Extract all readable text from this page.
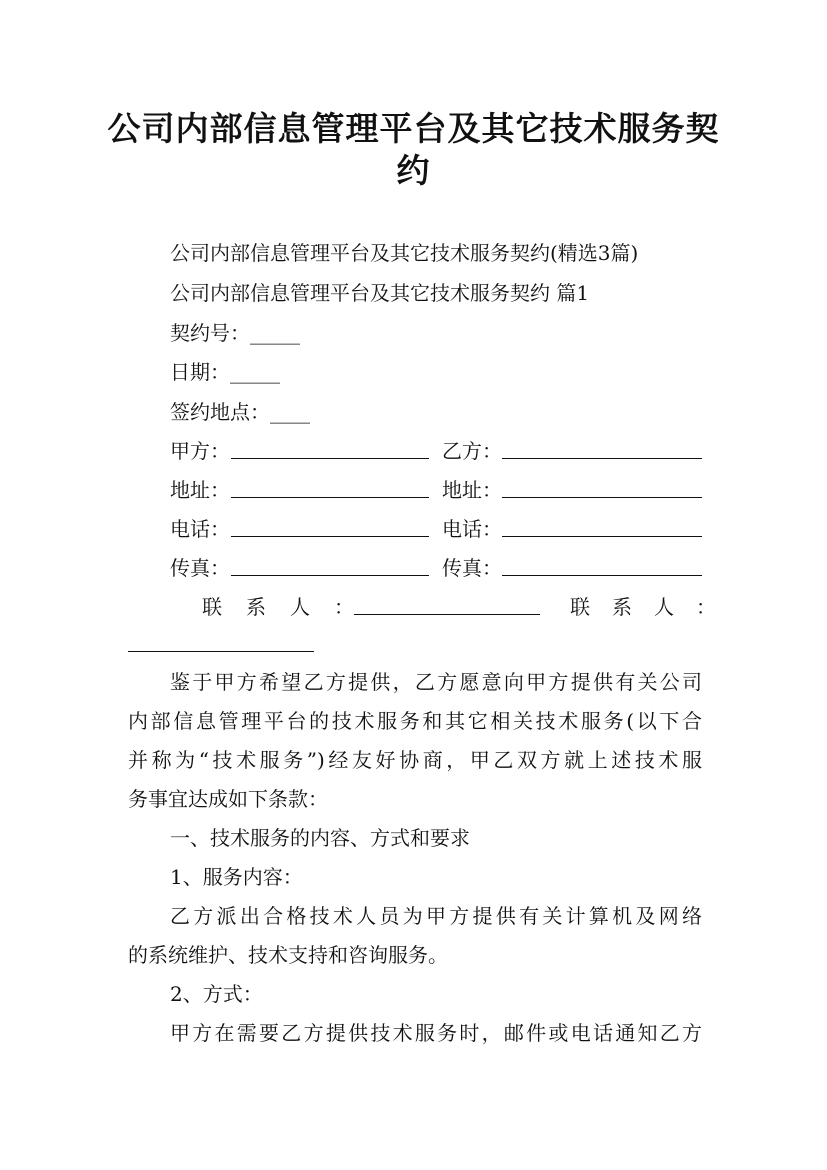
公司内部信息管理平台及其它技术服务契
约
公司内部信息管理平台及其它技术服务契约(精选3篇)
公司内部信息管理平台及其它技术服务契约 篇1
契约号：_____
日期：_____
签约地点：____
甲方：	乙方：
地址：	地址：
电话：	电话：
传真：	传真：
联系人：	联系人：
鉴于甲方希望乙方提供，乙方愿意向甲方提供有关公司
内部信息管理平台的技术服务和其它相关技术服务(以下合
并称为“技术服务”)经友好协商，甲乙双方就上述技术服
务事宜达成如下条款：
一、技术服务的内容、方式和要求
1、服务内容：
乙方派出合格技术人员为甲方提供有关计算机及网络
的系统维护、技术支持和咨询服务。
2、方式：
甲方在需要乙方提供技术服务时，邮件或电话通知乙方
